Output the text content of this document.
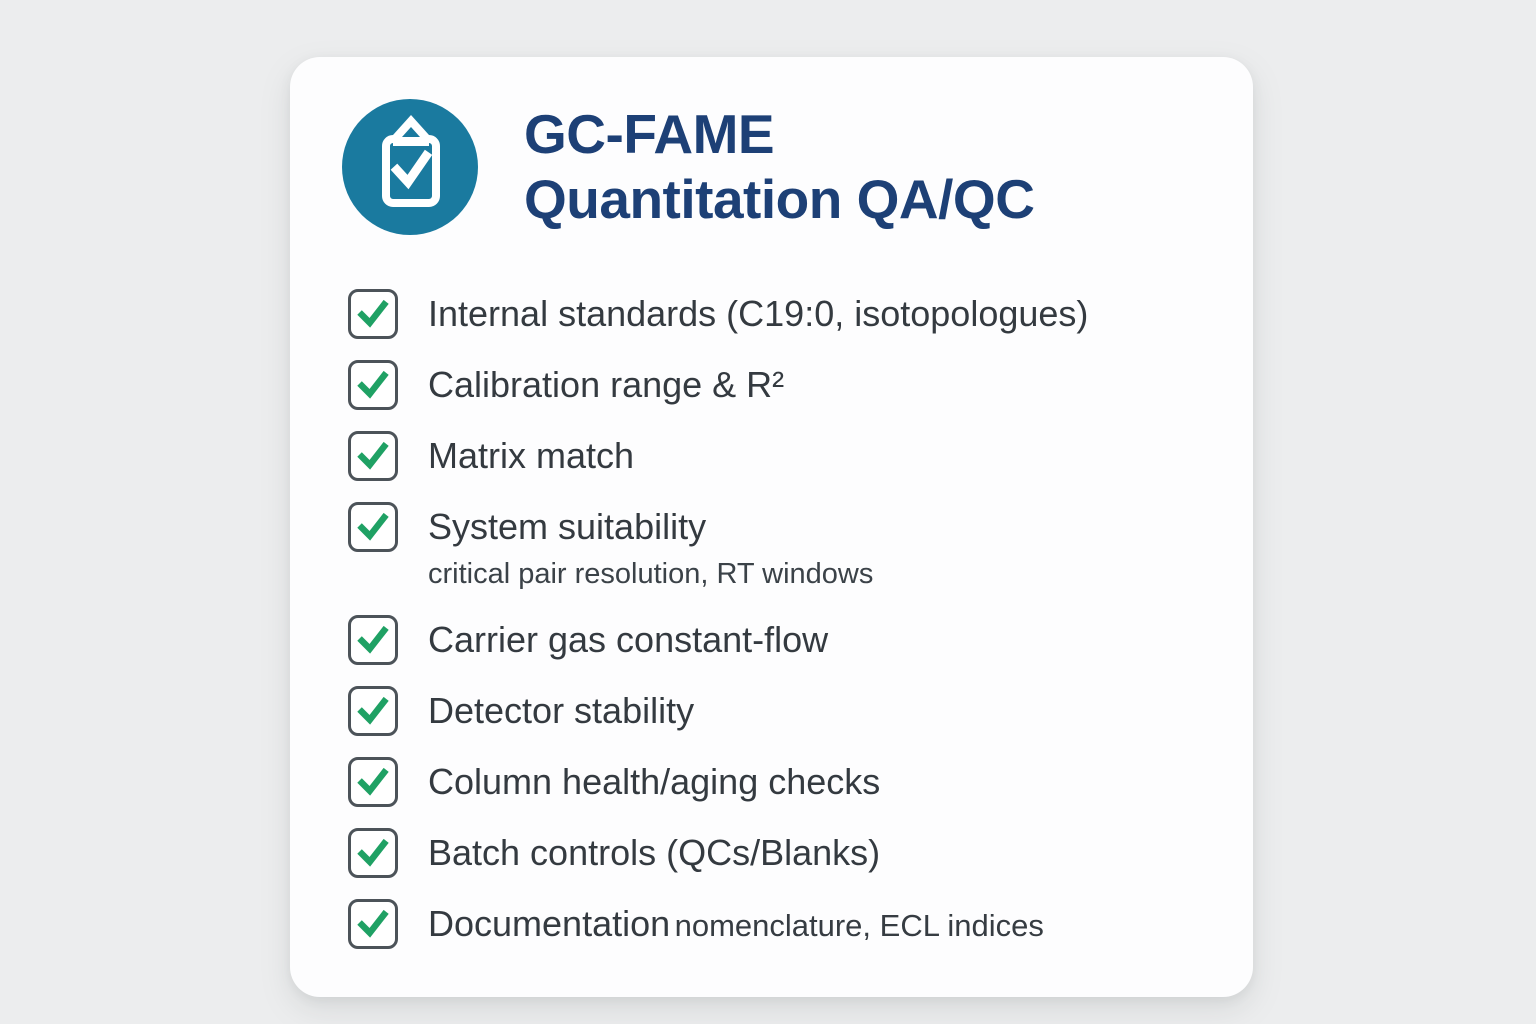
GC-FAME
Quantitation QA/QC
Internal standards (C19:0, isotopologues)
Calibration range & R²
Matrix match
System suitability
critical pair resolution, RT windows
Carrier gas constant-flow
Detector stability
Column health/aging checks
Batch controls (QCs/Blanks)
Documentation nomenclature, ECL indices
